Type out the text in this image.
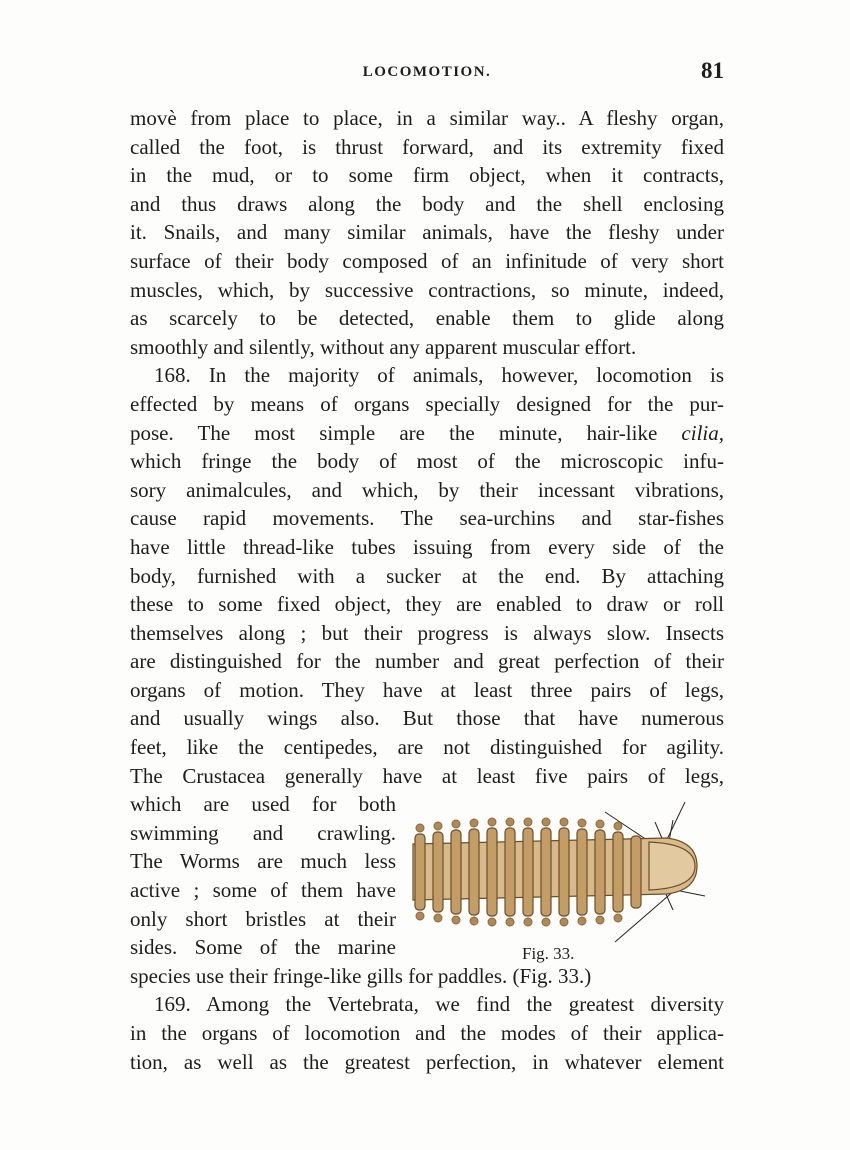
LOCOMOTION.	81
movè from place to place, in a similar way.. A fleshy organ,
called the foot, is thrust forward, and its extremity fixed
in the mud, or to some firm object, when it contracts,
and thus draws along the body and the shell enclosing
it. Snails, and many similar animals, have the fleshy under
surface of their body composed of an infinitude of very short
muscles, which, by successive contractions, so minute, indeed,
as scarcely to be detected, enable them to glide along
smoothly and silently, without any apparent muscular effort.
168. In the majority of animals, however, locomotion is
effected by means of organs specially designed for the pur-
pose. The most simple are the minute, hair-like cilia,
which fringe the body of most of the microscopic infu-
sory animalcules, and which, by their incessant vibrations,
cause rapid movements. The sea-urchins and star-fishes
have little thread-like tubes issuing from every side of the
body, furnished with a sucker at the end. By attaching
these to some fixed object, they are enabled to draw or roll
themselves along ; but their progress is always slow. Insects
are distinguished for the number and great perfection of their
organs of motion. They have at least three pairs of legs,
and usually wings also. But those that have numerous
feet, like the centipedes, are not distinguished for agility.
The Crustacea generally have at least five pairs of legs,
which are used for both
swimming and crawling.
The Worms are much less
active ; some of them have
only short bristles at their
sides. Some of the marine
species use their fringe-like gills for paddles. (Fig. 33.)
169. Among the Vertebrata, we find the greatest diversity
in the organs of locomotion and the modes of their applica-
tion, as well as the greatest perfection, in whatever element
Fig. 33.
